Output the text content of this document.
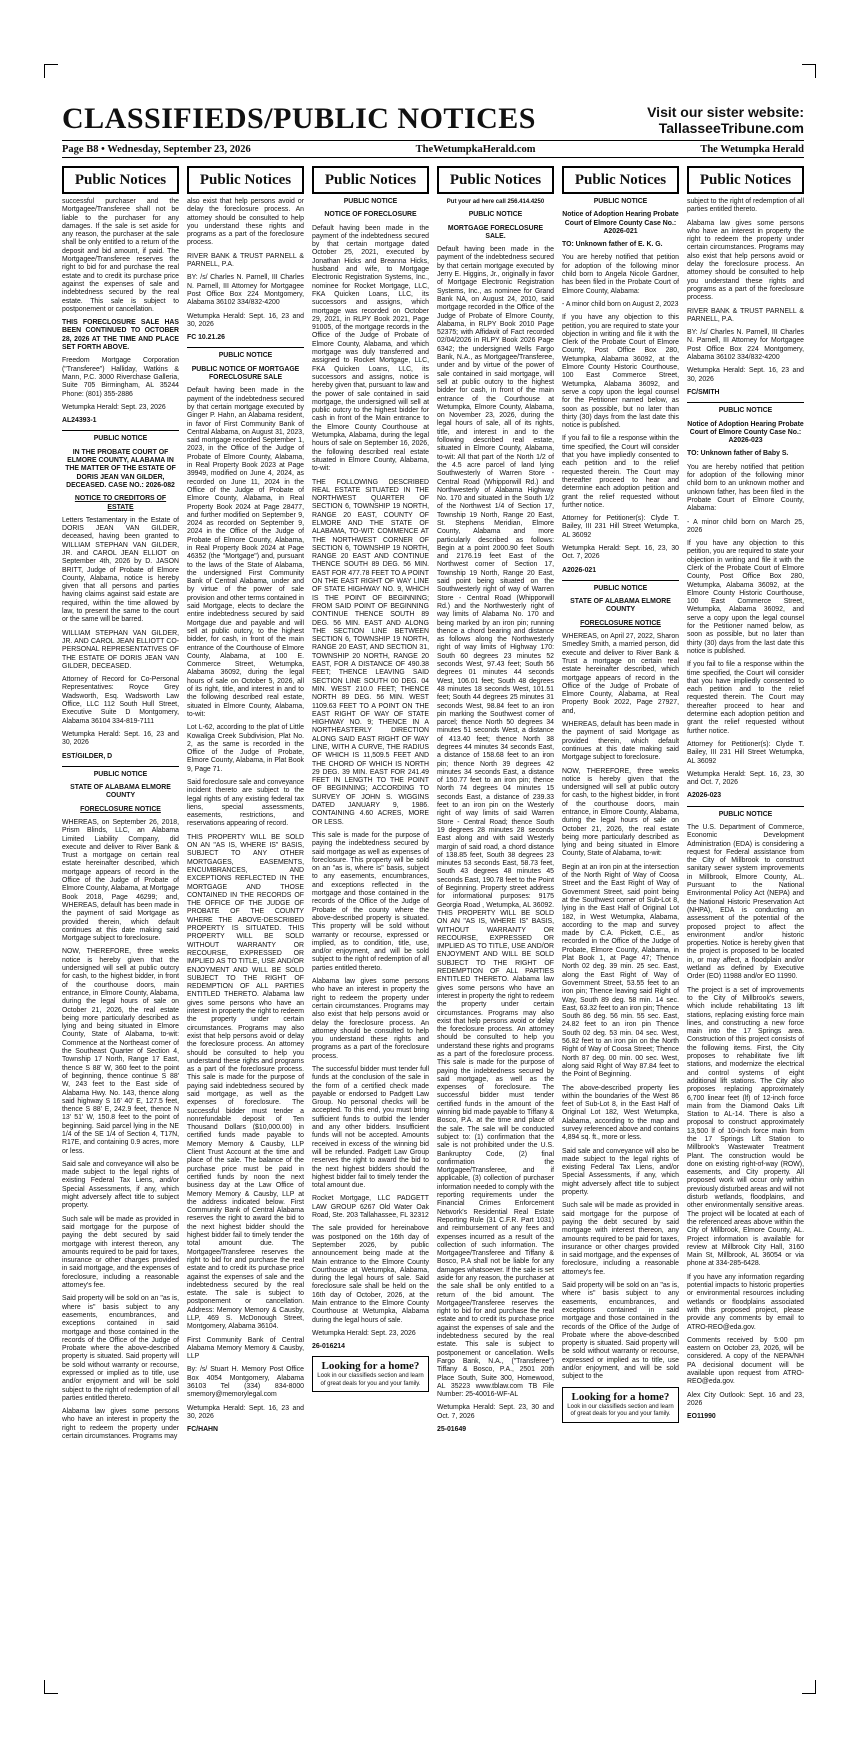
CLASSIFIEDS/PUBLIC NOTICES	Visit our sister website:
TallasseeTribune.com
Page B8 • Wednesday, September 23, 2026	TheWetumpkaHerald.com	The Wetumpka Herald
Public Notices

successful purchaser and the Mortgagee/Transferee shall not be liable to the purchaser for any damages. If the sale is set aside for any reason, the purchaser at the sale shall be only entitled to a return of the deposit and bid amount, if paid. The Mortgagee/Transferee reserves the right to bid for and purchase the real estate and to credit its purchase price against the expenses of sale and indebtedness secured by the real estate. This sale is subject to postponement or cancellation.

THIS FORECLOSURE SALE HAS BEEN CONTINUED TO OCTOBER 28, 2026 AT THE TIME AND PLACE SET FORTH ABOVE.

Freedom Mortgage Corporation ("Transferee") Halliday, Watkins & Mann, P.C. 3000 Riverchase Galleria, Suite 705 Birmingham, AL 35244 Phone: (801) 355-2886

Wetumpka Herald: Sept. 23, 2026

AL24393-1

PUBLIC NOTICE

IN THE PROBATE COURT OF ELMORE COUNTY, ALABAMA IN THE MATTER OF THE ESTATE OF DORIS JEAN VAN GILDER, DECEASED. CASE NO.: 2026-082

NOTICE TO CREDITORS OF ESTATE

Letters Testamentary in the Estate of DORIS JEAN VAN GILDER, deceased, having been granted to WILLIAM STEPHAN VAN GILDER, JR. and CAROL JEAN ELLIOT on September 4th, 2026 by D. JASON BRITT, Judge of Probate of Elmore County, Alabama, notice is hereby given that all persons and parties having claims against said estate are required, within the time allowed by law, to present the same to the court or the same will be barred.

WILLIAM STEPHAN VAN GILDER, JR. AND CAROL JEAN ELLIOTT CO-PERSONAL REPRESENTATIVES OF THE ESTATE OF DORIS JEAN VAN GILDER, DECEASED.

Attorney of Record for Co-Personal Representatives: Royce Grey Wadsworth, Esq. Wadsworth Law Office, LLC 112 South Hull Street, Executive Suite D Montgomery, Alabama 36104 334-819-7111

Wetumpka Herald: Sept. 16, 23 and 30, 2026

EST/GILDER, D

PUBLIC NOTICE

STATE OF ALABAMA ELMORE COUNTY

FORECLOSURE NOTICE

WHEREAS, on September 26, 2018, Prism Blinds, LLC, an Alabama Limited Liability Company, did execute and deliver to River Bank & Trust a mortgage on certain real estate hereinafter described, which mortgage appears of record in the Office of the Judge of Probate of Elmore County, Alabama, at Mortgage Book 2018, Page 46299; and, WHEREAS, default has been made in the payment of said Mortgage as provided therein, which default continues at this date making said Mortgage subject to foreclosure.

NOW, THEREFORE, three weeks notice is hereby given that the undersigned will sell at public outcry for cash, to the highest bidder, in front of the courthouse doors, main entrance, in Elmore County, Alabama, during the legal hours of sale on October 21, 2026, the real estate being more particularly described as lying and being situated in Elmore County, State of Alabama, to-wit: Commence at the Northeast corner of the Southeast Quarter of Section 4, Township 17 North, Range 17 East, thence S 88' W, 360 feet to the point of beginning, thence continue S 88' W, 243 feet to the East side of Alabama Hwy. No. 143, thence along said highway S 16' 40' E, 127.5 feet, thence S 88' E, 242.9 feet, thence N 13' 51' W, 150.8 feet to the point of beginning. Said parcel lying in the NE 1/4 of the SE 1/4 of Section 4, T17N, R17E, and containing 0.9 acres, more or less.

Said sale and conveyance will also be made subject to the legal rights of existing Federal Tax Liens, and/or Special Assessments, if any, which might adversely affect title to subject property.

Such sale will be made as provided in said mortgage for the purpose of paying the debt secured by said mortgage with interest thereon, any amounts required to be paid for taxes, insurance or other charges provided in said mortgage, and the expenses of foreclosure, including a reasonable attorney's fee.

Said property will be sold on an "as is, where is" basis subject to any easements, encumbrances, and exceptions contained in said mortgage and those contained in the records of the Office of the Judge of Probate where the above-described property is situated. Said property will be sold without warranty or recourse, expressed or implied as to title, use and/or enjoyment and will be sold subject to the right of redemption of all parties entitled thereto.

Alabama law gives some persons who have an interest in property the right to redeem the property under certain circumstances. Programs may

Public Notices

also exist that help persons avoid or delay the foreclosure process. An attorney should be consulted to help you understand these rights and programs as a part of the foreclosure process.

RIVER BANK & TRUST PARNELL & PARNELL, P.A.

BY: /s/ Charles N. Parnell, III Charles N. Parnell, III Attorney for Mortgagee Post Office Box 224 Montgomery, Alabama 36102 334/832-4200

Wetumpka Herald: Sept. 16, 23 and 30, 2026

FC 10.21.26

PUBLIC NOTICE

PUBLIC NOTICE OF MORTGAGE FORECLOSURE SALE

Default having been made in the payment of the indebtedness secured by that certain mortgage executed by Ginger P. Hahn, an Alabama resident, in favor of First Community Bank of Central Alabama, on August 31, 2023, said mortgage recorded September 1, 2023, in the Office of the Judge of Probate of Elmore County, Alabama, in Real Property Book 2023 at Page 39949, modified on June 4, 2024, as recorded on June 11, 2024 in the Office of the Judge of Probate of Elmore County, Alabama, in Real Property Book 2024 at Page 28477, and further modified on September 9, 2024 as recorded on September 9, 2024 in the Office of the Judge of Probate of Elmore County, Alabama, in Real Property Book 2024 at Page 46352 (the "Mortgage") and, pursuant to the laws of the State of Alabama, the undersigned First Community Bank of Central Alabama, under and by virtue of the power of sale provision and other terms contained in said Mortgage, elects to declare the entire indebtedness secured by said Mortgage due and payable and will sell at public outcry, to the highest bidder, for cash, in front of the main entrance of the Courthouse of Elmore County, Alabama, at 100 E. Commerce Street, Wetumpka, Alabama 36092, during the legal hours of sale on October 5, 2026, all of its right, title, and interest in and to the following described real estate, situated in Elmore County, Alabama, to-wit:

Lot L-62, according to the plat of Little Kowaliga Creek Subdivision, Plat No. 2, as the same is recorded in the Office of the Judge of Probate, Elmore County, Alabama, in Plat Book 9, Page 71.

Said foreclosure sale and conveyance incident thereto are subject to the legal rights of any existing federal tax liens, special assessments, easements, restrictions, and reservations appearing of record.

THIS PROPERTY WILL BE SOLD ON AN "AS IS, WHERE IS" BASIS, SUBJECT TO ANY OTHER MORTGAGES, EASEMENTS, ENCUMBRANCES, AND EXCEPTIONS REFLECTED IN THE MORTGAGE AND THOSE CONTAINED IN THE RECORDS OF THE OFFICE OF THE JUDGE OF PROBATE OF THE COUNTY WHERE THE ABOVE-DESCRIBED PROPERTY IS SITUATED. THIS PROPERTY WILL BE SOLD WITHOUT WARRANTY OR RECOURSE, EXPRESSED OR IMPLIED AS TO TITLE, USE AND/OR ENJOYMENT AND WILL BE SOLD SUBJECT TO THE RIGHT OF REDEMPTION OF ALL PARTIES ENTITLED THERETO. Alabama law gives some persons who have an interest in property the right to redeem the property under certain circumstances. Programs may also exist that help persons avoid or delay the foreclosure process. An attorney should be consulted to help you understand these rights and programs as a part of the foreclosure process. This sale is made for the purpose of paying said indebtedness secured by said mortgage, as well as the expenses of foreclosure. The successful bidder must tender a nonrefundable deposit of Ten Thousand Dollars ($10,000.00) in certified funds made payable to Memory Memory & Causby, LLP Client Trust Account at the time and place of the sale. The balance of the purchase price must be paid in certified funds by noon the next business day at the Law Office of Memory Memory & Causby, LLP at the address indicated below. First Community Bank of Central Alabama reserves the right to award the bid to the next highest bidder should the highest bidder fail to timely tender the total amount due. The Mortgagee/Transferee reserves the right to bid for and purchase the real estate and to credit its purchase price against the expenses of sale and the indebtedness secured by the real estate. The sale is subject to postponement or cancellation. Address: Memory Memory & Causby, LLP, 469 S. McDonough Street, Montgomery, Alabama 36104.

First Community Bank of Central Alabama Memory Memory & Causby, LLP

By: /s/ Stuart H. Memory Post Office Box 4054 Montgomery, Alabama 36103 Tel (334) 834-8000 smemory@memorylegal.com

Wetumpka Herald: Sept. 16, 23 and 30, 2026

FC/HAHN

Public Notices

PUBLIC NOTICE

NOTICE OF FORECLOSURE

Default having been made in the payment of the indebtedness secured by that certain mortgage dated October 25, 2021, executed by Jonathan Hicks and Breanna Hicks, husband and wife, to Mortgage Electronic Registration Systems, Inc., nominee for Rocket Mortgage, LLC, FKA Quicken Loans, LLC, its successors and assigns, which mortgage was recorded on October 29, 2021, in RLPY Book 2021, Page 91005, of the mortgage records in the Office of the Judge of Probate of Elmore County, Alabama, and which mortgage was duly transferred and assigned to Rocket Mortgage, LLC, FKA Quicken Loans, LLC, its successors and assigns, notice is hereby given that, pursuant to law and the power of sale contained in said mortgage, the undersigned will sell at public outcry to the highest bidder for cash in front of the Main entrance to the Elmore County Courthouse at Wetumpka, Alabama, during the legal hours of sale on September 16, 2026, the following described real estate situated in Elmore County, Alabama, to-wit:

THE FOLLOWING DESCRIBED REAL ESTATE SITUATED IN THE NORTHWEST QUARTER OF SECTION 6, TOWNSHIP 19 NORTH, RANGE 20 EAST, COUNTY OF ELMORE AND THE STATE OF ALABAMA, TO-WIT: COMMENCE AT THE NORTHWEST CORNER OF SECTION 6, TOWNSHIP 19 NORTH, RANGE 20 EAST AND CONTINUE THENCE SOUTH 89 DEG. 56 MIN. EAST FOR 477.78 FEET TO A POINT ON THE EAST RIGHT OF WAY LINE OF STATE HIGHWAY NO. 9, WHICH IS THE POINT OF BEGINNING; FROM SAID POINT OF BEGINNING CONTINUE THENCE SOUTH 89 DEG. 56 MIN. EAST AND ALONG THE SECTION LINE BETWEEN SECTION 6, TOWNSHIP 19 NORTH, RANGE 20 EAST, AND SECTION 31, TOWNSHIP 20 NORTH, RANGE 20 EAST, FOR A DISTANCE OF 490.38 FEET; THENCE LEAVING SAID SECTION LINE SOUTH 00 DEG. 04 MIN. WEST 210.0 FEET; THENCE NORTH 89 DEG. 56 MIN. WEST 1109.63 FEET TO A POINT ON THE EAST RIGHT OF WAY OF STATE HIGHWAY NO. 9; THENCE IN A NORTHEASTERLY DIRECTION ALONG SAID EAST RIGHT OF WAY LINE, WITH A CURVE, THE RADIUS OF WHICH IS 11,509.5 FEET AND THE CHORD OF WHICH IS NORTH 29 DEG. 39 MIN. EAST FOR 241.49 FEET IN LENGTH TO THE POINT OF BEGINNING; ACCORDING TO SURVEY OF JOHN S. WIGGINS DATED JANUARY 9, 1986. CONTAINING 4.60 ACRES, MORE OR LESS.

This sale is made for the purpose of paying the indebtedness secured by said mortgage as well as expenses of foreclosure. This property will be sold on an "as is, where is" basis, subject to any easements, encumbrances, and exceptions reflected in the mortgage and those contained in the records of the Office of the Judge of Probate of the county where the above-described property is situated. This property will be sold without warranty or recourse, expressed or implied, as to condition, title, use, and/or enjoyment, and will be sold subject to the right of redemption of all parties entitled thereto.

Alabama law gives some persons who have an interest in property the right to redeem the property under certain circumstances. Programs may also exist that help persons avoid or delay the foreclosure process. An attorney should be consulted to help you understand these rights and programs as a part of the foreclosure process.

The successful bidder must tender full funds at the conclusion of the sale in the form of a certified check made payable or endorsed to Padgett Law Group. No personal checks will be accepted. To this end, you must bring sufficient funds to outbid the lender and any other bidders. Insufficient funds will not be accepted. Amounts received in excess of the winning bid will be refunded. Padgett Law Group reserves the right to award the bid to the next highest bidders should the highest bidder fail to timely tender the total amount due.

Rocket Mortgage, LLC PADGETT LAW GROUP 6267 Old Water Oak Road, Ste. 203 Tallahassee, FL 32312

The sale provided for hereinabove was postponed on the 16th day of September 2026, by public announcement being made at the Main entrance to the Elmore County Courthouse at Wetumpka, Alabama, during the legal hours of sale. Said foreclosure sale shall be held on the 16th day of October, 2026, at the Main entrance to the Elmore County Courthouse at Wetumpka, Alabama during the legal hours of sale.

Wetumpka Herald: Sept. 23, 2026

26-016214

Looking for a home?
Look in our classifieds section and learn of great deals for you and your family.
Public Notices

Put your ad here call 256.414.4250

PUBLIC NOTICE

MORTGAGE FORECLOSURE SALE.

Default having been made in the payment of the indebtedness secured by that certain mortgage executed by Jerry E. Higgins, Jr., originally in favor of Mortgage Electronic Registration Systems, Inc., as nominee for Grand Bank NA, on August 24, 2010, said mortgage recorded in the Office of the Judge of Probate of Elmore County, Alabama, in RLPY Book 2010 Page 52375; with Affidavit of Fact recorded 02/04/2026 in RLPY Book 2026 Page 6342; the undersigned Wells Fargo Bank, N.A., as Mortgagee/Transferee, under and by virtue of the power of sale contained in said mortgage, will sell at public outcry to the highest bidder for cash, in front of the main entrance of the Courthouse at Wetumpka, Elmore County, Alabama, on November 23, 2026, during the legal hours of sale, all of its rights, title, and interest in and to the following described real estate, situated in Elmore County, Alabama, to-wit: All that part of the North 1/2 of the 4.5 acre parcel of land lying Southwesterly of Warren Store - Central Road (Whipporwill Rd.) and Northwesterly of Alabama Highway No. 170 and situated in the South 1/2 of the Northwest 1/4 of Section 17, Township 19 North, Range 20 East, St. Stephens Meridian, Elmore County, Alabama and more particularly described as follows: Begin at a point 2000.90 feet South and 2176.19 feet East of the Northwest corner of Section 17, Township 19 North, Range 20 East, said point being situated on the Southwesterly right of way of Warren Store - Central Road (Whipporwill Rd.) and the Northwesterly right of way limits of Alabama No. 170 and being marked by an iron pin; running thence a chord bearing and distance as follows along the Northwesterly right of way limits of Highway 170: South 60 degrees 23 minutes 52 seconds West, 97.43 feet; South 56 degrees 01 minutes 44 seconds West, 106.01 feet; South 48 degrees 48 minutes 18 seconds West, 101.51 feet; South 44 degrees 25 minutes 31 seconds West, 98.84 feet to an iron pin marking the Southwest corner of parcel; thence North 50 degrees 34 minutes 51 seconds West, a distance of 413.40 feet; thence North 38 degrees 44 minutes 34 seconds East, a distance of 158.68 feet to an iron pin; thence North 39 degrees 42 minutes 34 seconds East, a distance of 150.77 feet to an iron pin; thence North 74 degrees 04 minutes 15 seconds East, a distance of 239.33 feet to an iron pin on the Westerly right of way limits of said Warren Store - Central Road; thence South 19 degrees 28 minutes 28 seconds East along and with said Westerly margin of said road, a chord distance of 138.85 feet, South 38 degrees 23 minutes 53 seconds East, 58.73 feet, South 43 degrees 48 minutes 45 seconds East, 190.78 feet to the Point of Beginning. Property street address for informational purposes: 9175 Georgia Road , Wetumpka, AL 36092. THIS PROPERTY WILL BE SOLD ON AN "AS IS, WHERE IS" BASIS, WITHOUT WARRANTY OR RECOURSE, EXPRESSED OR IMPLIED AS TO TITLE, USE AND/OR ENJOYMENT AND WILL BE SOLD SUBJECT TO THE RIGHT OF REDEMPTION OF ALL PARTIES ENTITLED THERETO. Alabama law gives some persons who have an interest in property the right to redeem the property under certain circumstances. Programs may also exist that help persons avoid or delay the foreclosure process. An attorney should be consulted to help you understand these rights and programs as a part of the foreclosure process. This sale is made for the purpose of paying the indebtedness secured by said mortgage, as well as the expenses of foreclosure. The successful bidder must tender certified funds in the amount of the winning bid made payable to Tiffany & Bosco, P.A. at the time and place of the sale. The sale will be conducted subject to: (1) confirmation that the sale is not prohibited under the U.S. Bankruptcy Code, (2) final confirmation the Mortgagee/Transferee, and if applicable, (3) collection of purchaser information needed to comply with the reporting requirements under the Financial Crimes Enforcement Network's Residential Real Estate Reporting Rule (31 C.F.R. Part 1031) and reimbursement of any fees and expenses incurred as a result of the collection of such information. The Mortgagee/Transferee and Tiffany & Bosco, P.A shall not be liable for any damages whatsoever. If the sale is set aside for any reason, the purchaser at the sale shall be only entitled to a return of the bid amount. The Mortgagee/Transferee reserves the right to bid for and purchase the real estate and to credit its purchase price against the expenses of sale and the indebtedness secured by the real estate. This sale is subject to postponement or cancellation. Wells Fargo Bank, N.A., ("Transferee") Tiffany & Bosco, P.A., 2501 20th Place South, Suite 300, Homewood, AL 35223 www.tblaw.com TB File Number: 25-40016-WF-AL

Wetumpka Herald: Sept. 23, 30 and Oct. 7, 2026

25-01649

Public Notices

PUBLIC NOTICE

Notice of Adoption Hearing Probate Court of Elmore County Case No.: A2026-021

TO: Unknown father of E. K. G.

You are hereby notified that petition for adoption of the following minor child born to Angela Nicole Gardner, has been filed in the Probate Court of Elmore County, Alabama:

- A minor child born on August 2, 2023

If you have any objection to this petition, you are required to state your objection in writing and file it with the Clerk of the Probate Court of Elmore County, Post Office Box 280, Wetumpka, Alabama 36092, at the Elmore County Historic Courthouse, 100 East Commerce Street, Wetumpka, Alabama 36092, and serve a copy upon the legal counsel for the Petitioner named below, as soon as possible, but no later than thirty (30) days from the last date this notice is published.

If you fail to file a response within the time specified, the Court will consider that you have impliedly consented to each petition and to the relief requested therein. The Court may thereafter proceed to hear and determine each adoption petition and grant the relief requested without further notice.

Attorney for Petitioner(s): Clyde T. Bailey, III 231 Hill Street Wetumpka, AL 36092

Wetumpka Herald: Sept. 16, 23, 30 Oct. 7, 2026

A2026-021

PUBLIC NOTICE

STATE OF ALABAMA ELMORE COUNTY

FORECLOSURE NOTICE

WHEREAS, on April 27, 2022, Sharon Smedley Smith, a married person, did execute and deliver to River Bank & Trust a mortgage on certain real estate hereinafter described, which mortgage appears of record in the Office of the Judge of Probate of Elmore County, Alabama, at Real Property Book 2022, Page 27927, and,

WHEREAS, default has been made in the payment of said Mortgage as provided therein, which default continues at this date making said Mortgage subject to foreclosure.

NOW, THEREFORE, three weeks notice is hereby given that the undersigned will sell at public outcry for cash, to the highest bidder, in front of the courthouse doors, main entrance, in Elmore County, Alabama, during the legal hours of sale on October 21, 2026, the real estate being more particularly described as lying and being situated in Elmore County, State of Alabama, to-wit:

Begin at an iron pin at the intersection of the North Right of Way of Coosa Street and the East Right of Way of Government Street, said point being at the Southwest corner of Sub-Lot 8, lying in the East Half of Original Lot 182, in West Wetumpka, Alabama, according to the map and survey made by C.A. Pickett, C.E., as recorded in the Office of the Judge of Probate, Elmore County, Alabama, in Plat Book 1, at Page 47; Thence North 02 deg. 39 min. 25 sec. East, along the East Right of Way of Government Street, 53.55 feet to an iron pin; Thence leaving said Right of Way, South 89 deg. 58 min. 14 sec. East, 63.32 feet to an iron pin; Thence South 86 deg. 56 min. 55 sec. East, 24.82 feet to an iron pin Thence South 02 deg. 53 min. 04 sec. West, 56.82 feet to an iron pin on the North Right of Way of Coosa Street; Thence North 87 deg. 00 min. 00 sec. West, along said Right of Way 87.84 feet to the Point of Beginning.

The above-described property lies within the boundaries of the West 86 feet of Sub-Lot 8, in the East Half of Original Lot 182, West Wetumpka, Alabama, according to the map and survey referenced above and contains 4,894 sq. ft., more or less.

Said sale and conveyance will also be made subject to the legal rights of existing Federal Tax Liens, and/or Special Assessments, if any, which might adversely affect title to subject property.

Such sale will be made as provided in said mortgage for the purpose of paying the debt secured by said mortgage with interest thereon, any amounts required to be paid for taxes, insurance or other charges provided in said mortgage, and the expenses of foreclosure, including a reasonable attorney's fee.

Said property will be sold on an "as is, where is" basis subject to any easements, encumbrances, and exceptions contained in said mortgage and those contained in the records of the Office of the Judge of Probate where the above-described property is situated. Said property will be sold without warranty or recourse, expressed or implied as to title, use and/or enjoyment, and will be sold subject to the

Looking for a home?
Look in our classifieds section and learn of great deals for you and your family.
Public Notices

subject to the right of redemption of all parties entitled thereto.

Alabama law gives some persons who have an interest in property the right to redeem the property under certain circumstances. Programs may also exist that help persons avoid or delay the foreclosure process. An attorney should be consulted to help you understand these rights and programs as a part of the foreclosure process.

RIVER BANK & TRUST PARNELL & PARNELL, P.A.

BY: /s/ Charles N. Parnell, III Charles N. Parnell, III Attorney for Mortgagee Post Office Box 224 Montgomery, Alabama 36102 334/832-4200

Wetumpka Herald: Sept. 16, 23 and 30, 2026

FC/SMITH

PUBLIC NOTICE

Notice of Adoption Hearing Probate Court of Elmore County Case No.: A2026-023

TO: Unknown father of Baby S.

You are hereby notified that petition for adoption of the following minor child born to an unknown mother and unknown father, has been filed in the Probate Court of Elmore County, Alabama:

- A minor child born on March 25, 2026

If you have any objection to this petition, you are required to state your objection in writing and file it with the Clerk of the Probate Court of Elmore County, Post Office Box 280, Wetumpka, Alabama 36092, at the Elmore County Historic Courthouse, 100 East Commerce Street, Wetumpka, Alabama 36092, and serve a copy upon the legal counsel for the Petitioner named below, as soon as possible, but no later than thirty (30) days from the last date this notice is published.

If you fail to file a response within the time specified, the Court will consider that you have impliedly consented to each petition and to the relief requested therein. The Court may thereafter proceed to hear and determine each adoption petition and grant the relief requested without further notice.

Attorney for Petitioner(s): Clyde T. Bailey, III 231 Hill Street Wetumpka, AL 36092

Wetumpka Herald: Sept. 16, 23, 30 and Oct. 7, 2026

A2026-023

PUBLIC NOTICE

The U.S. Department of Commerce, Economic Development Administration (EDA) is considering a request for Federal assistance from the City of Millbrook to construct sanitary sewer system improvements in Millbrook, Elmore County, AL. Pursuant to the National Environmental Policy Act (NEPA) and the National Historic Preservation Act (NHPA), EDA is conducting an assessment of the potential of the proposed project to affect the environment and/or historic properties. Notice is hereby given that the project is proposed to be located in, or may affect, a floodplain and/or wetland as defined by Executive Order (EO) 11988 and/or EO 11990.

The project is a set of improvements to the City of Millbrook's sewers, which include rehabilitating 13 lift stations, replacing existing force main lines, and constructing a new force main into the 17 Springs area. Construction of this project consists of the following items. First, the City proposes to rehabilitate five lift stations, and modernize the electrical and control systems of eight additional lift stations. The City also proposes replacing approximately 6,700 linear feet (lf) of 12-inch force main from the Diamond Oaks Lift Station to AL-14. There is also a proposal to construct approximately 13,500 lf of 10-inch force main from the 17 Springs Lift Station to Millbrook's Wastewater Treatment Plant. The construction would be done on existing right-of-way (ROW), easements, and City property. All proposed work will occur only within previously disturbed areas and will not disturb wetlands, floodplains, and other environmentally sensitive areas. The project will be located at each of the referenced areas above within the City of Millbrook, Elmore County, AL. Project information is available for review at Millbrook City Hall, 3160 Main St, Millbrook, AL 36054 or via phone at 334-285-6428.

If you have any information regarding potential impacts to historic properties or environmental resources including wetlands or floodplains associated with this proposed project, please provide any comments by email to ATRO-REO@eda.gov.

Comments received by 5:00 pm eastern on October 23, 2026, will be considered. A copy of the NEPA/NH PA decisional document will be available upon request from ATRO-REO@eda.gov.

Alex City Outlook: Sept. 16 and 23, 2026

EO11990
